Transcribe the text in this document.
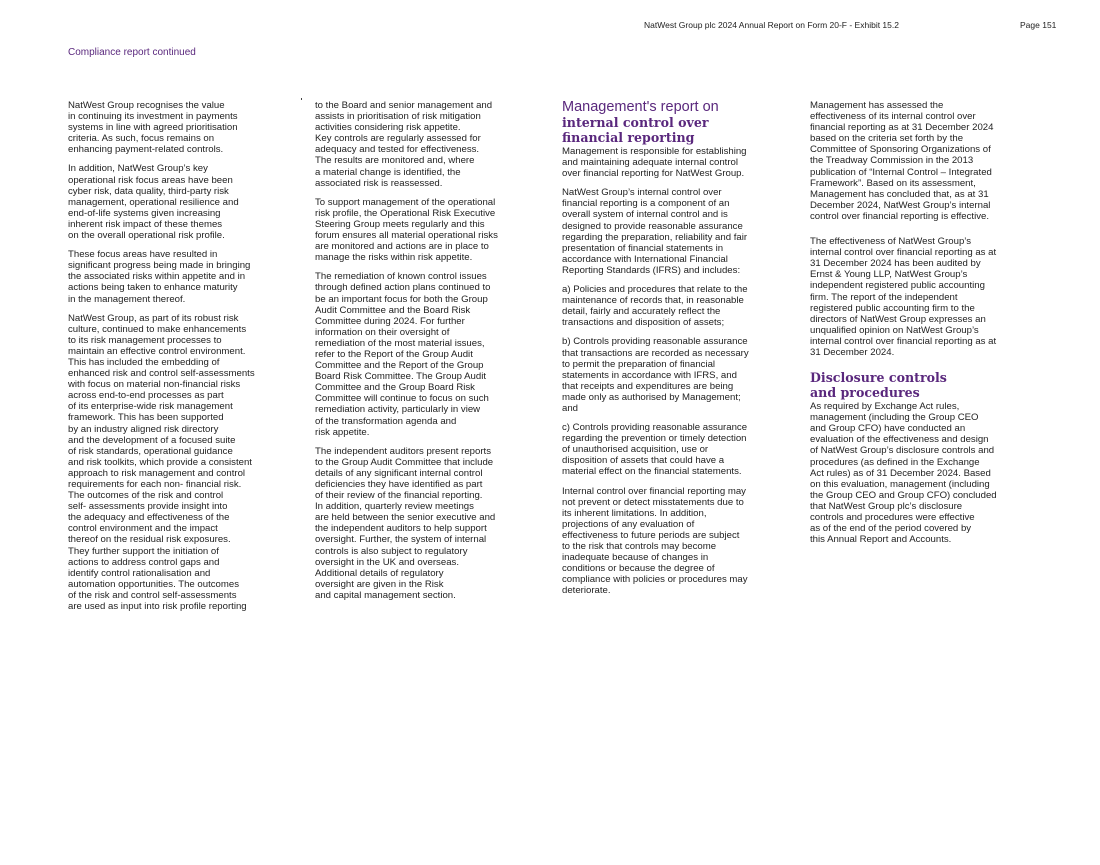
NatWest Group plc 2024 Annual Report on Form 20-F - Exhibit 15.2	Page 151
Compliance report continued

NatWest Group recognises the value
in continuing its investment in payments
systems in line with agreed prioritisation
criteria. As such, focus remains on
enhancing payment-related controls.

In addition, NatWest Group’s key
operational risk focus areas have been
cyber risk, data quality, third-party risk
management, operational resilience and
end-of-life systems given increasing
inherent risk impact of these themes
on the overall operational risk profile.

These focus areas have resulted in
significant progress being made in bringing
the associated risks within appetite and in
actions being taken to enhance maturity
in the management thereof.

NatWest Group, as part of its robust risk
culture, continued to make enhancements
to its risk management processes to
maintain an effective control environment.
This has included the embedding of
enhanced risk and control self-assessments
with focus on material non-financial risks
across end-to-end processes as part
of its enterprise-wide risk management
framework. This has been supported
by an industry aligned risk directory
and the development of a focused suite
of risk standards, operational guidance
and risk toolkits, which provide a consistent
approach to risk management and control
requirements for each non- financial risk.
The outcomes of the risk and control
self- assessments provide insight into
the adequacy and effectiveness of the
control environment and the impact
thereof on the residual risk exposures.
They further support the initiation of
actions to address control gaps and
identify control rationalisation and
automation opportunities. The outcomes
of the risk and control self-assessments
are used as input into risk profile reporting

to the Board and senior management and
assists in prioritisation of risk mitigation
activities considering risk appetite.
Key controls are regularly assessed for
adequacy and tested for effectiveness.
The results are monitored and, where
a material change is identified, the
associated risk is reassessed.

To support management of the operational
risk profile, the Operational Risk Executive
Steering Group meets regularly and this
forum ensures all material operational risks
are monitored and actions are in place to
manage the risks within risk appetite.

The remediation of known control issues
through defined action plans continued to
be an important focus for both the Group
Audit Committee and the Board Risk
Committee during 2024. For further
information on their oversight of
remediation of the most material issues,
refer to the Report of the Group Audit
Committee and the Report of the Group
Board Risk Committee. The Group Audit
Committee and the Group Board Risk
Committee will continue to focus on such
remediation activity, particularly in view
of the transformation agenda and
risk appetite.

The independent auditors present reports
to the Group Audit Committee that include
details of any significant internal control
deficiencies they have identified as part
of their review of the financial reporting.
In addition, quarterly review meetings
are held between the senior executive and
the independent auditors to help support
oversight. Further, the system of internal
controls is also subject to regulatory
oversight in the UK and overseas.
Additional details of regulatory
oversight are given in the Risk
and capital management section.

Management's report on
internal control over
financial reporting

Management is responsible for establishing
and maintaining adequate internal control
over financial reporting for NatWest Group.

NatWest Group’s internal control over
financial reporting is a component of an
overall system of internal control and is
designed to provide reasonable assurance
regarding the preparation, reliability and fair
presentation of financial statements in
accordance with International Financial
Reporting Standards (IFRS) and includes:

a) Policies and procedures that relate to the
maintenance of records that, in reasonable
detail, fairly and accurately reflect the
transactions and disposition of assets;

b) Controls providing reasonable assurance
that transactions are recorded as necessary
to permit the preparation of financial
statements in accordance with IFRS, and
that receipts and expenditures are being
made only as authorised by Management;
and

c) Controls providing reasonable assurance
regarding the prevention or timely detection
of unauthorised acquisition, use or
disposition of assets that could have a
material effect on the financial statements.

Internal control over financial reporting may
not prevent or detect misstatements due to
its inherent limitations. In addition,
projections of any evaluation of
effectiveness to future periods are subject
to the risk that controls may become
inadequate because of changes in
conditions or because the degree of
compliance with policies or procedures may
deteriorate.

Management has assessed the
effectiveness of its internal control over
financial reporting as at 31 December 2024
based on the criteria set forth by the
Committee of Sponsoring Organizations of
the Treadway Commission in the 2013
publication of “Internal Control – Integrated
Framework”. Based on its assessment,
Management has concluded that, as at 31
December 2024, NatWest Group’s internal
control over financial reporting is effective.

The effectiveness of NatWest Group’s
internal control over financial reporting as at
31 December 2024 has been audited by
Ernst & Young LLP, NatWest Group’s
independent registered public accounting
firm. The report of the independent
registered public accounting firm to the
directors of NatWest Group expresses an
unqualified opinion on NatWest Group’s
internal control over financial reporting as at
31 December 2024.

Disclosure controls
and procedures

As required by Exchange Act rules,
management (including the Group CEO
and Group CFO) have conducted an
evaluation of the effectiveness and design
of NatWest Group’s disclosure controls and
procedures (as defined in the Exchange
Act rules) as of 31 December 2024. Based
on this evaluation, management (including
the Group CEO and Group CFO) concluded
that NatWest Group plc’s disclosure
controls and procedures were effective
as of the end of the period covered by
this Annual Report and Accounts.
